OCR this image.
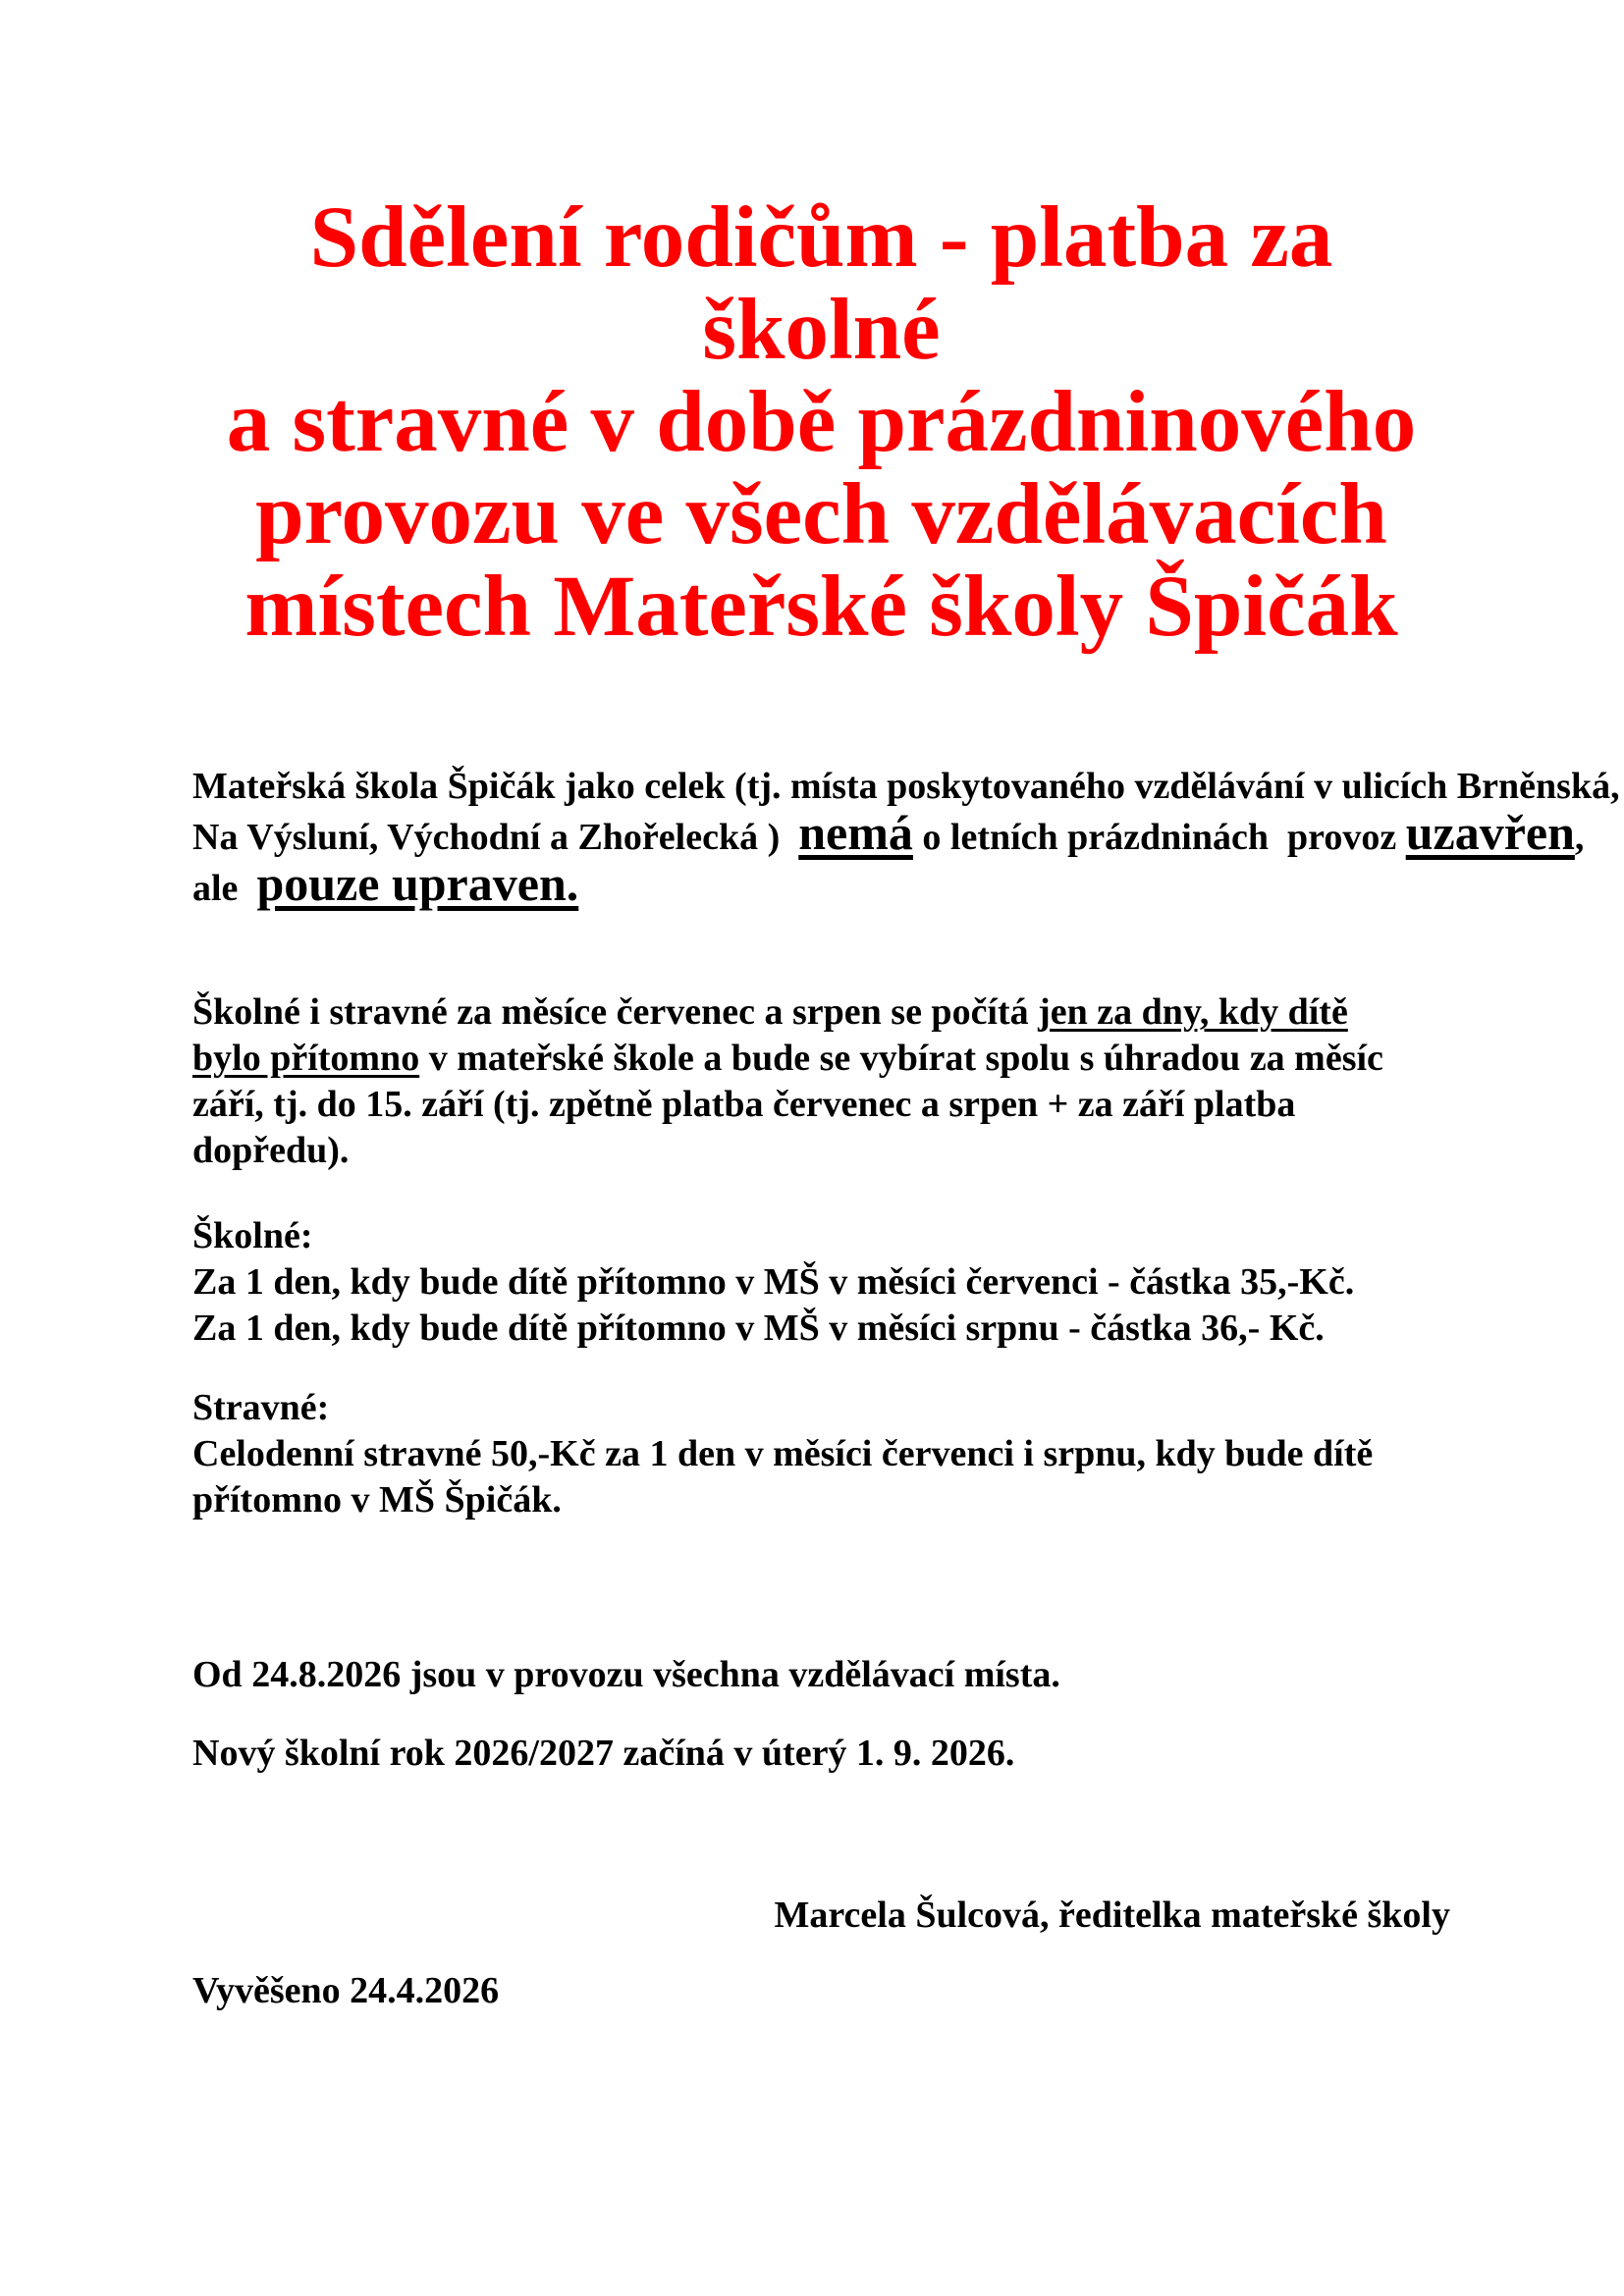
Sdělení rodičům - platba za školné
a stravné v době prázdninového
provozu ve všech vzdělávacích
místech Mateřské školy Špičák
Mateřská škola Špičák jako celek (tj. místa poskytovaného vzdělávání v ulicích Brněnská,
Na Výsluní, Východní a Zhořelecká )  nemá o letních prázdninách  provoz uzavřen,
ale  pouze upraven.
Školné i stravné za měsíce červenec a srpen se počítá jen za dny, kdy dítě
bylo přítomno v mateřské škole a bude se vybírat spolu s úhradou za měsíc
září, tj. do 15. září (tj. zpětně platba červenec a srpen + za září platba
dopředu).
Školné:
Za 1 den, kdy bude dítě přítomno v MŠ v měsíci červenci - částka 35,-Kč.
Za 1 den, kdy bude dítě přítomno v MŠ v měsíci srpnu - částka 36,- Kč.
Stravné:
Celodenní stravné 50,-Kč za 1 den v měsíci červenci i srpnu, kdy bude dítě
přítomno v MŠ Špičák.
Od 24.8.2026 jsou v provozu všechna vzdělávací místa.
Nový školní rok 2026/2027 začíná v úterý 1. 9. 2026.
Marcela Šulcová, ředitelka mateřské školy
Vyvěšeno 24.4.2026
